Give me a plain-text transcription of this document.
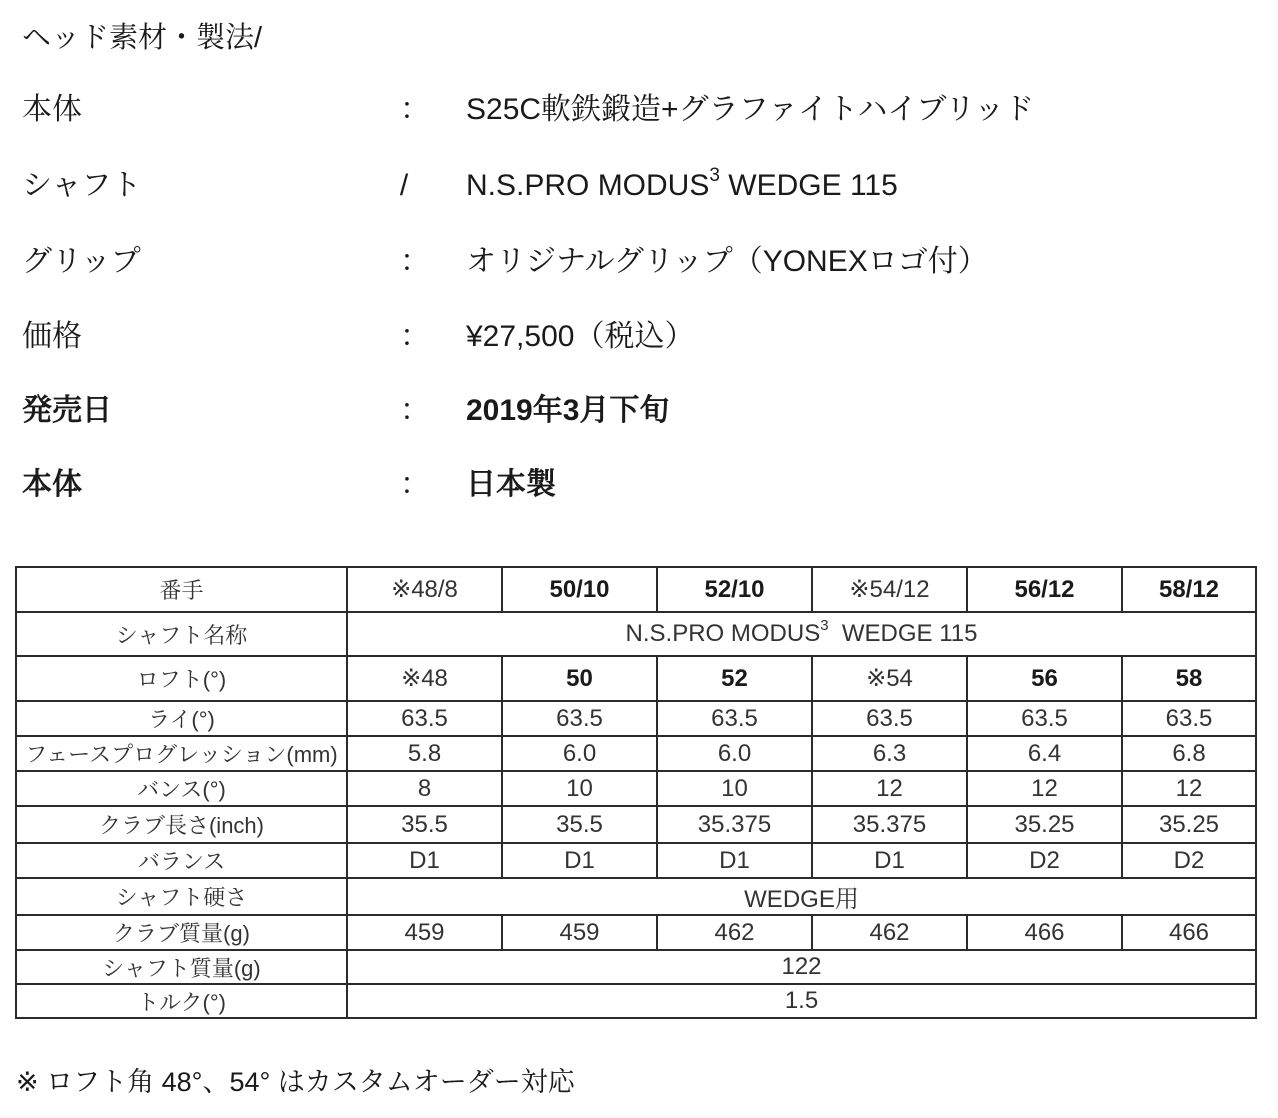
ヘッド素材・製法/
本体	： S25C軟鉄鍛造+グラファイトハイブリッド
シャフト	/ N.S.PRO MODUS$^3$ WEDGE 115
グリップ	： オリジナルグリップ（YONEXロゴ付）
価格	： ¥27,500（税込）
発売日	： 2019年3月下旬
本体	： 日本製
番手	※48/8	50/10	52/10	※54/12	56/12	58/12
シャフト名称	N.S.PRO MODUS$^3$  WEDGE 115					
ロフト(°)	※48	50	52	※54	56	58
ライ(°)	63.5	63.5	63.5	63.5	63.5	63.5
フェースプログレッション(mm)	5.8	6.0	6.0	6.3	6.4	6.8
バンス(°)	8	10	10	12	12	12
クラブ長さ(inch)	35.5	35.5	35.375	35.375	35.25	35.25
バランス	D1	D1	D1	D1	D2	D2
シャフト硬さ	WEDGE用					
クラブ質量(g)	459	459	462	462	466	466
シャフト質量(g)	122					
トルク(°)	1.5					
※ ロフト角 48°、54° はカスタムオーダー対応
